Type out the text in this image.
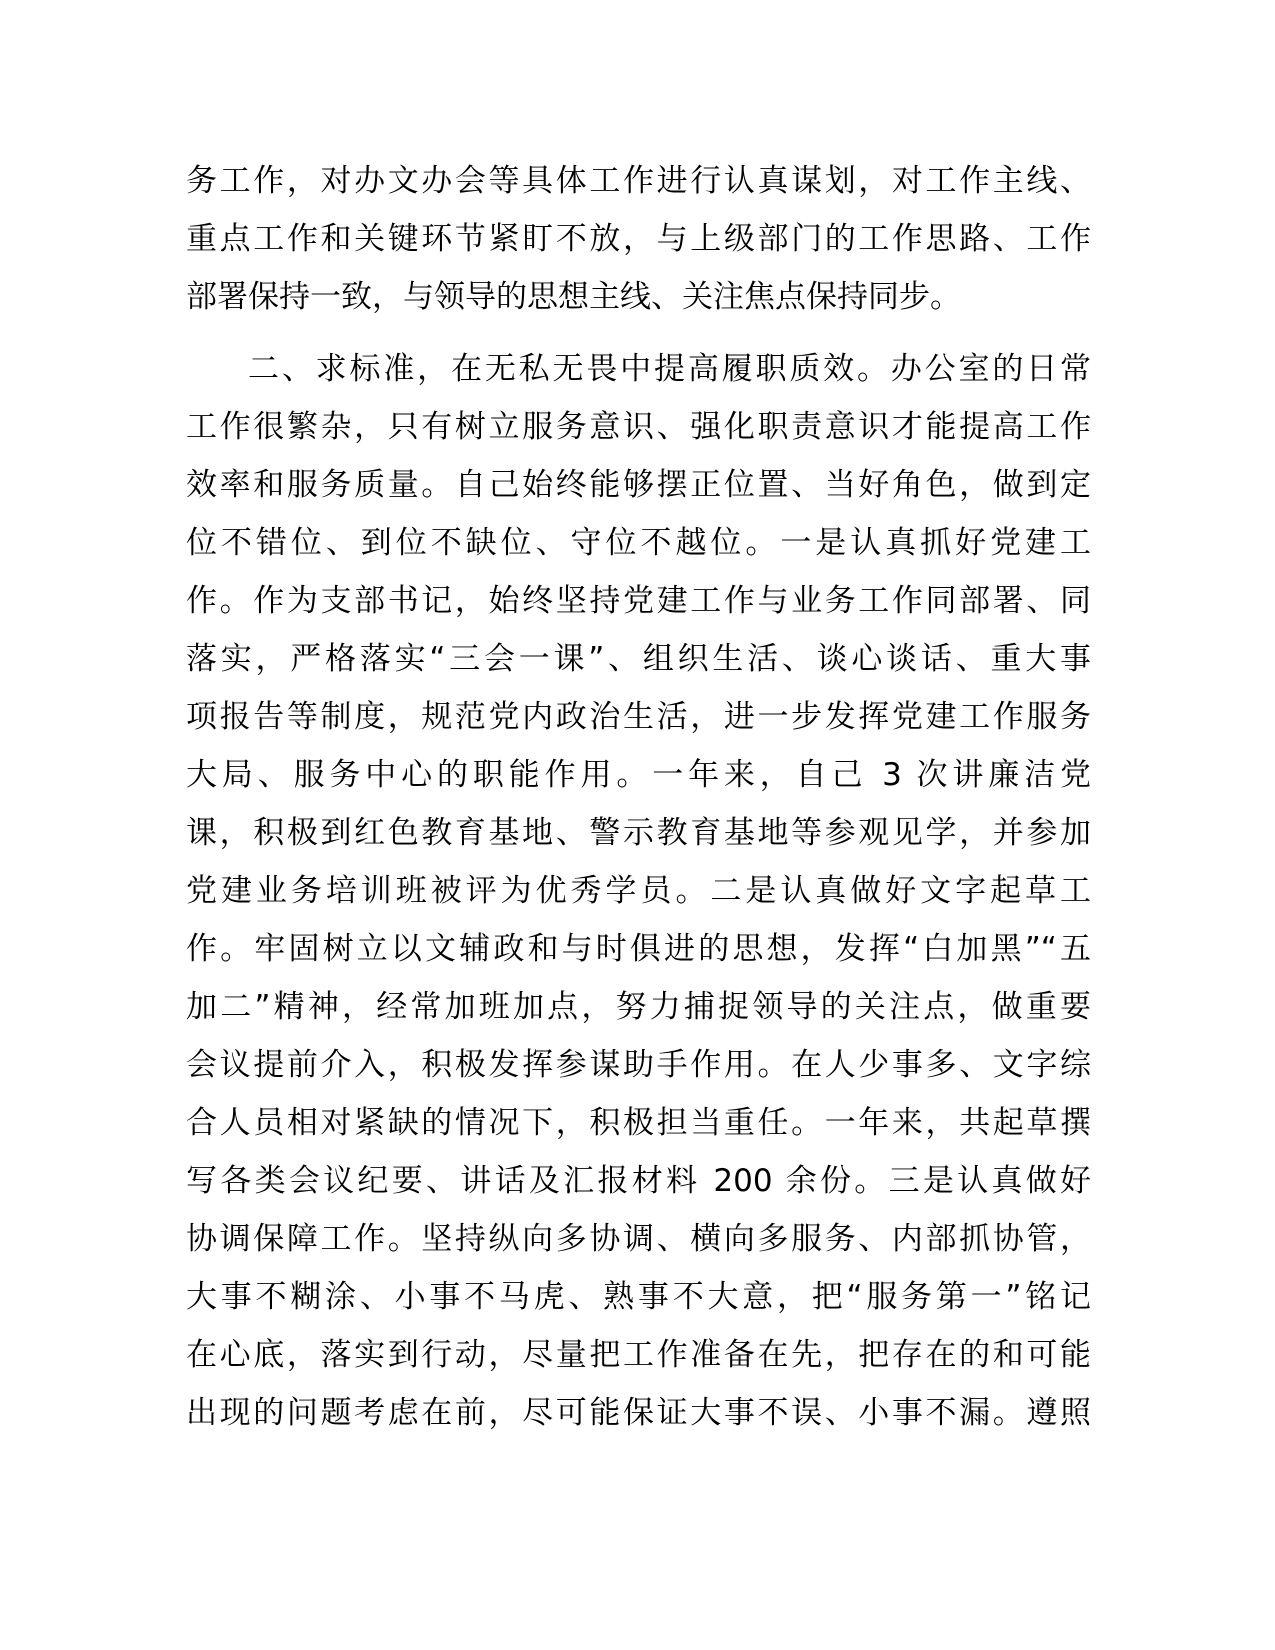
务工作，对办文办会等具体工作进行认真谋划，对工作主线、
重点工作和关键环节紧盯不放，与上级部门的工作思路、工作
部署保持一致，与领导的思想主线、关注焦点保持同步。
二、求标准，在无私无畏中提高履职质效。办公室的日常
工作很繁杂，只有树立服务意识、强化职责意识才能提高工作
效率和服务质量。自己始终能够摆正位置、当好角色，做到定
位不错位、到位不缺位、守位不越位。一是认真抓好党建工
作。作为支部书记，始终坚持党建工作与业务工作同部署、同
落实，严格落实“三会一课”、组织生活、谈心谈话、重大事
项报告等制度，规范党内政治生活，进一步发挥党建工作服务
大局、服务中心的职能作用。一年来，自己 3 次讲廉洁党
课，积极到红色教育基地、警示教育基地等参观见学，并参加
党建业务培训班被评为优秀学员。二是认真做好文字起草工
作。牢固树立以文辅政和与时俱进的思想，发挥“白加黑”“五
加二”精神，经常加班加点，努力捕捉领导的关注点，做重要
会议提前介入，积极发挥参谋助手作用。在人少事多、文字综
合人员相对紧缺的情况下，积极担当重任。一年来，共起草撰
写各类会议纪要、讲话及汇报材料 200 余份。三是认真做好
协调保障工作。坚持纵向多协调、横向多服务、内部抓协管，
大事不糊涂、小事不马虎、熟事不大意，把“服务第一”铭记
在心底，落实到行动，尽量把工作准备在先，把存在的和可能
出现的问题考虑在前，尽可能保证大事不误、小事不漏。遵照
